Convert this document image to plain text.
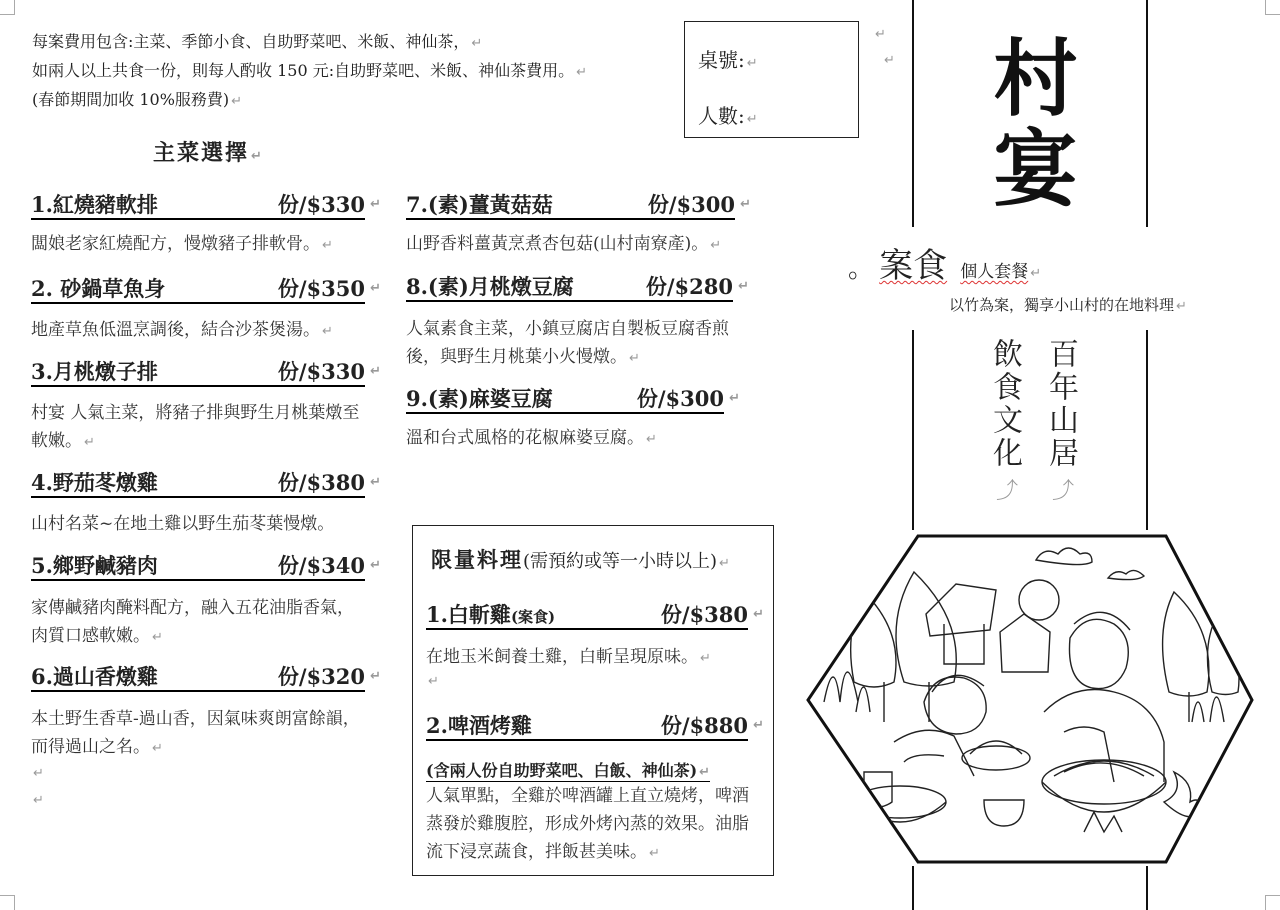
每案費用包含:主菜、季節小食、自助野菜吧、米飯、神仙茶， ↵
如兩人以上共食一份，則每人酌收 150 元:自助野菜吧、米飯、神仙茶費用。 ↵
(春節期間加收 10%服務費) ↵
桌號: ↵
人數: ↵
↵
↵
主菜選擇 ↵
1.紅燒豬軟排	份/$330 ↵
闆娘老家紅燒配方，慢燉豬子排軟骨。 ↵
2. 砂鍋草魚身	份/$350 ↵
地產草魚低溫烹調後，結合沙茶煲湯。 ↵
3.月桃燉子排	份/$330 ↵
村宴 人氣主菜，將豬子排與野生月桃葉燉至軟嫩。 ↵
4.野茄苳燉雞	份/$380 ↵
山村名菜~在地土雞以野生茄苳葉慢燉。
5.鄉野鹹豬肉	份/$340 ↵
家傳鹹豬肉醃料配方，融入五花油脂香氣，肉質口感軟嫩。 ↵
6.過山香燉雞	份/$320 ↵
本土野生香草-過山香，因氣味爽朗富餘韻，而得過山之名。 ↵
↵
↵
7.(素)薑黃菇菇	份/$300 ↵
山野香料薑黃烹煮杏包菇(山村南寮產)。 ↵
8.(素)月桃燉豆腐	份/$280 ↵
人氣素食主菜，小鎮豆腐店自製板豆腐香煎後，與野生月桃葉小火慢燉。 ↵
9.(素)麻婆豆腐	份/$300 ↵
溫和台式風格的花椒麻婆豆腐。 ↵
限量料理(需預約或等一小時以上) ↵
1.白斬雞(案食)	份/$380 ↵
在地玉米飼養土雞，白斬呈現原味。 ↵
↵
2.啤酒烤雞	份/$880 ↵
(含兩人份自助野菜吧、白飯、神仙茶) ↵
人氣單點，全雞於啤酒罐上直立燒烤，啤酒蒸發於雞腹腔，形成外烤內蒸的效果。油脂流下浸烹蔬食，拌飯甚美味。 ↵
村宴
。 案食 個人套餐 ↵
以竹為案，獨享小山村的在地料理 ↵
百年山居
飲食文化
⤴ ⤴
